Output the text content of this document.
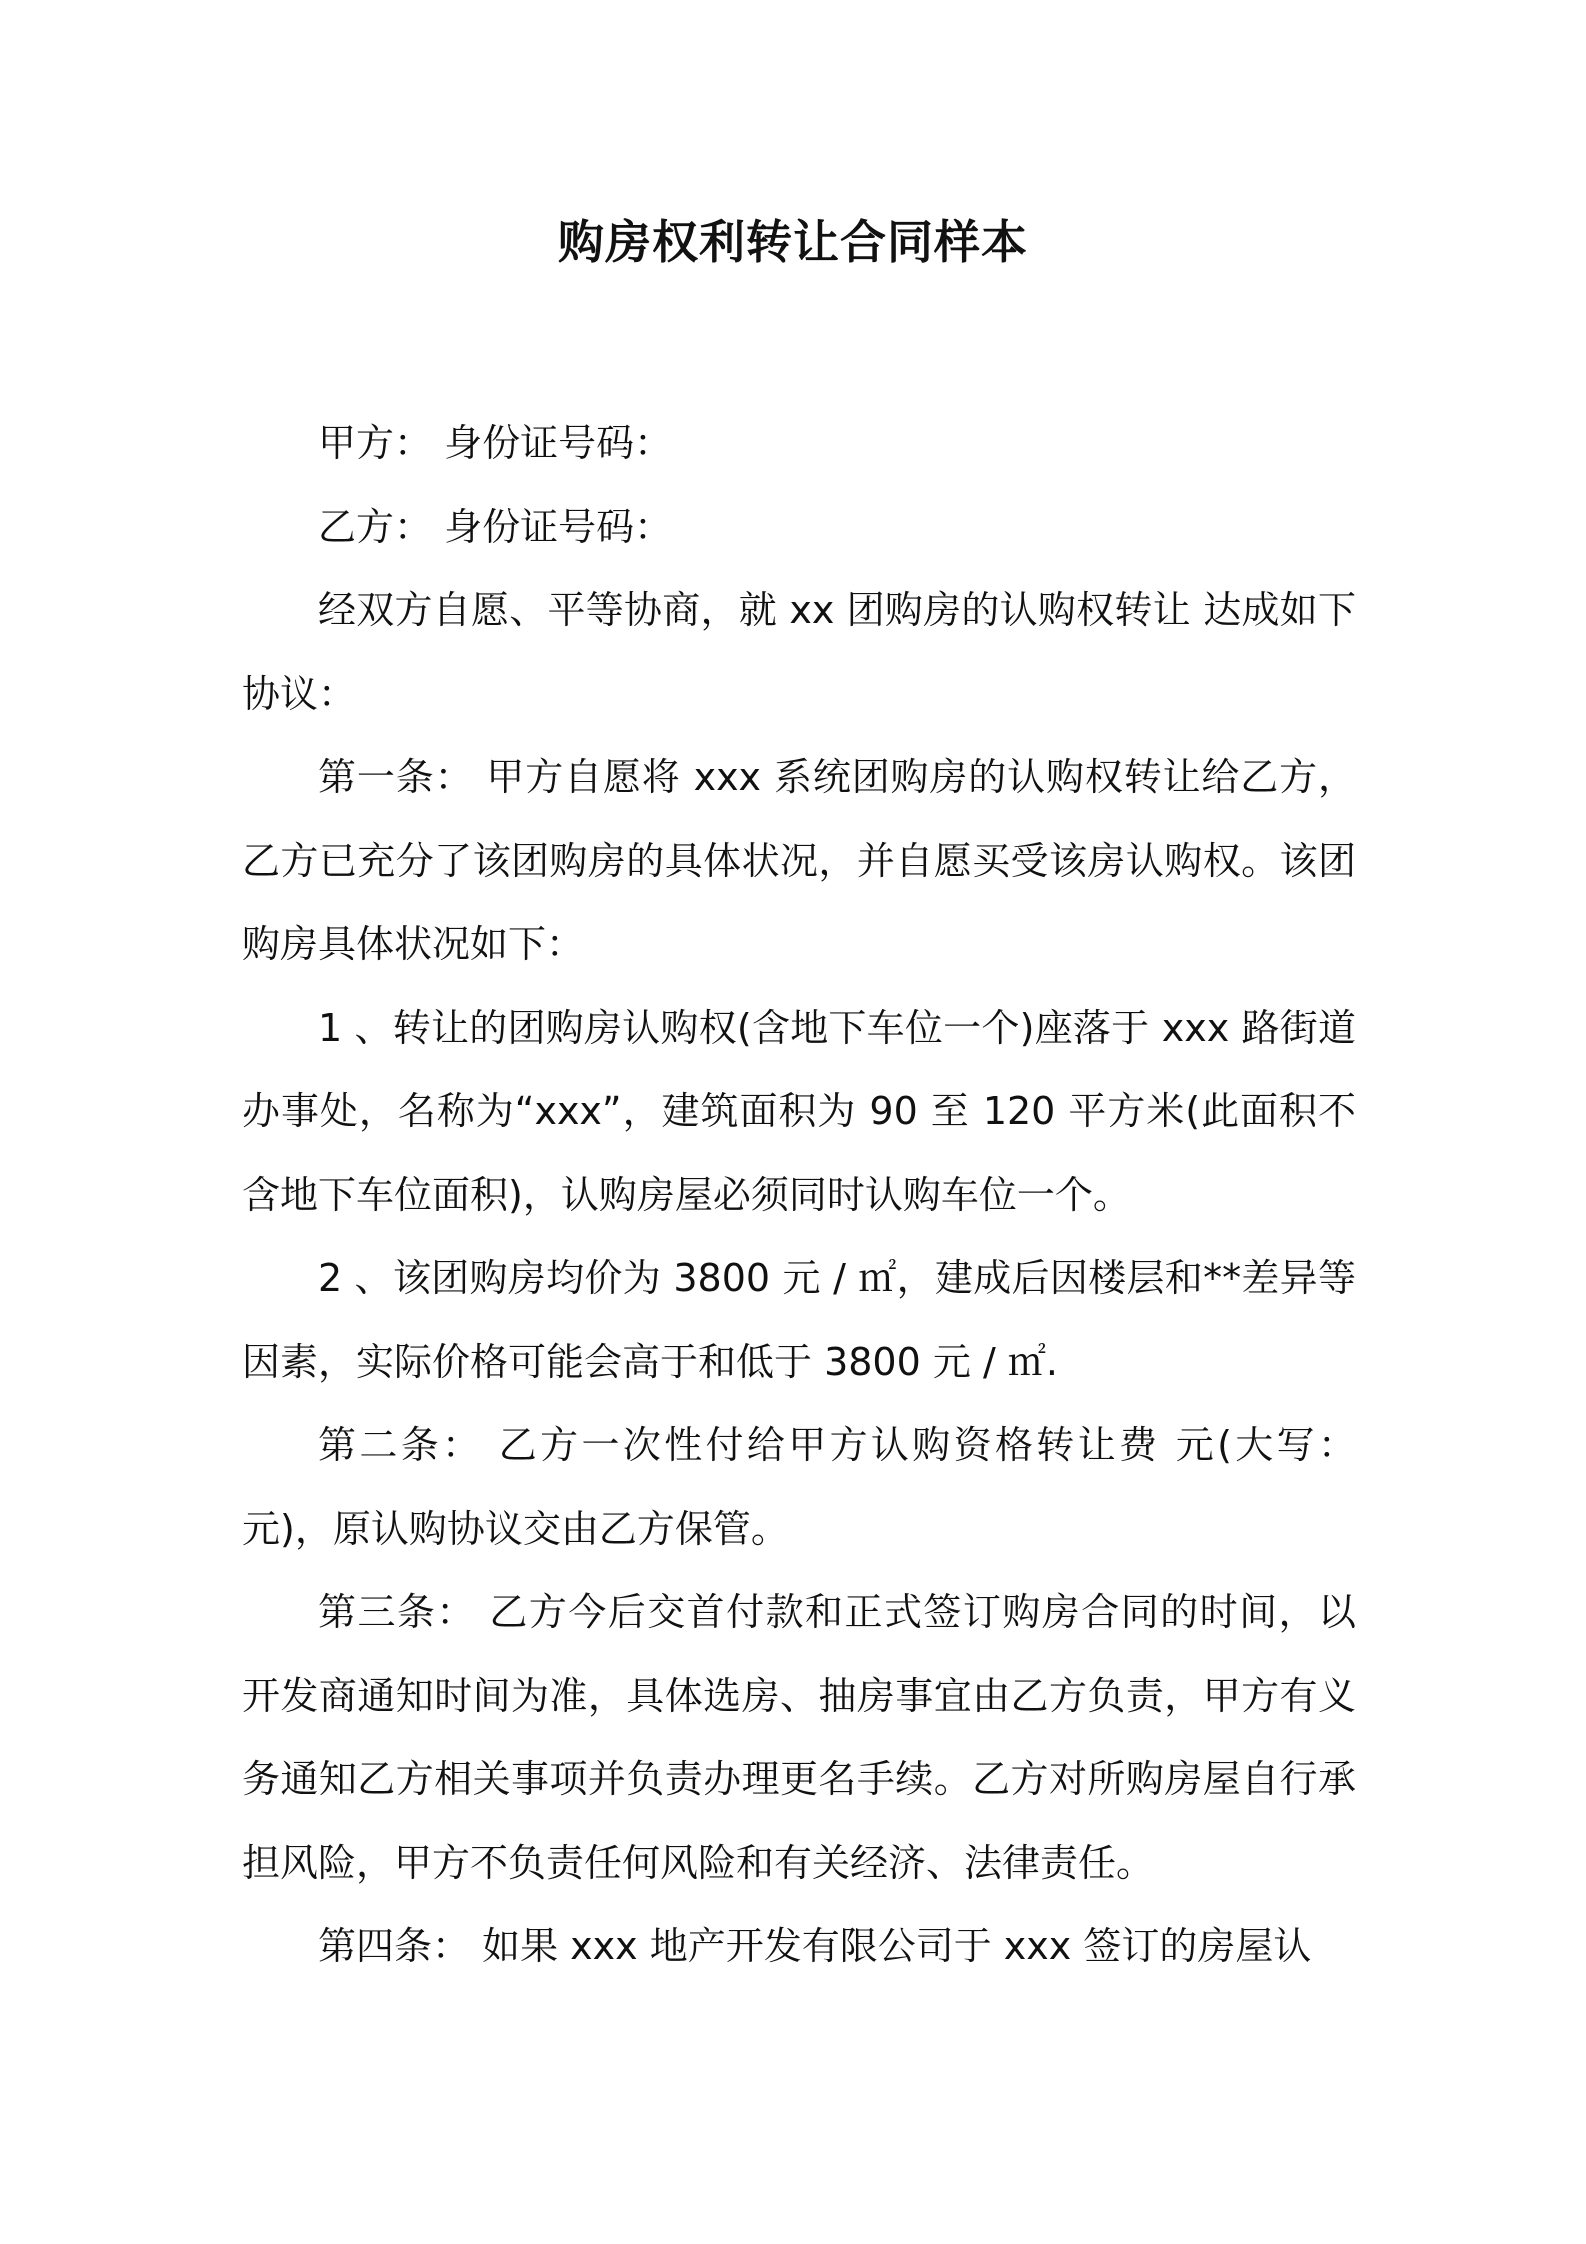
购房权利转让合同样本

甲方： 身份证号码：

乙方： 身份证号码：

经双方自愿、平等协商，就 xx 团购房的认购权转让 达成如下协议：

第一条： 甲方自愿将 xxx 系统团购房的认购权转让给乙方，乙方已充分了该团购房的具体状况，并自愿买受该房认购权。该团购房具体状况如下：

1 、转让的团购房认购权(含地下车位一个)座落于 xxx 路街道办事处，名称为“xxx”，建筑面积为 90 至 120 平方米(此面积不含地下车位面积)，认购房屋必须同时认购车位一个。

2 、该团购房均价为 3800 元 / ㎡，建成后因楼层和**差异等因素，实际价格可能会高于和低于 3800 元 / ㎡.

第二条： 乙方一次性付给甲方认购资格转让费 元(大写：元)，原认购协议交由乙方保管。

第三条： 乙方今后交首付款和正式签订购房合同的时间，以开发商通知时间为准，具体选房、抽房事宜由乙方负责，甲方有义务通知乙方相关事项并负责办理更名手续。乙方对所购房屋自行承担风险，甲方不负责任何风险和有关经济、法律责任。

第四条： 如果 xxx 地产开发有限公司于 xxx 签订的房屋认
